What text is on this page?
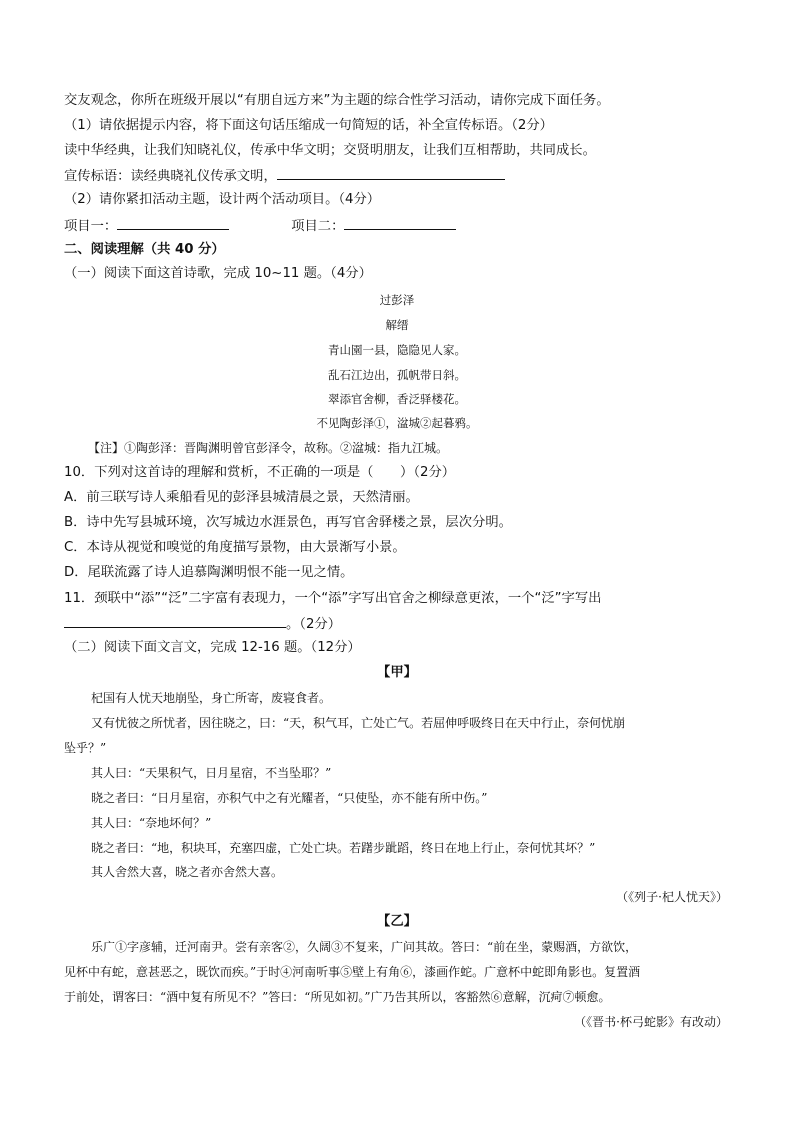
交友观念，你所在班级开展以“有朋自远方来”为主题的综合性学习活动，请你完成下面任务。
（1）请依据提示内容，将下面这句话压缩成一句简短的话，补全宣传标语。（2分）
读中华经典，让我们知晓礼仪，传承中华文明；交贤明朋友，让我们互相帮助，共同成长。
宣传标语：读经典晓礼仪传承文明，
（2）请你紧扣活动主题，设计两个活动项目。（4分）
项目一：	项目二：
二、阅读理解（共 40 分）
（一）阅读下面这首诗歌，完成 10~11 题。（4分）
过彭泽
解缙
青山園一县，隐隐见人家。
乱石江边出，孤帆带日斜。
翠添官舍柳，香泛驿楼花。
不见陶彭泽①，湓城②起暮鸦。
【注】①陶彭泽：晋陶渊明曾官彭泽令，故称。②湓城：指九江城。
10．下列对这首诗的理解和赏析，不正确的一项是（　　）（2分）
A．前三联写诗人乘船看见的彭泽县城清晨之景，天然清丽。
B．诗中先写县城环境，次写城边水涯景色，再写官舍驿楼之景，层次分明。
C．本诗从视觉和嗅觉的角度描写景物，由大景渐写小景。
D．尾联流露了诗人追慕陶渊明恨不能一见之情。
11．颈联中“添”“泛”二字富有表现力，一个“添”字写出官舍之柳绿意更浓，一个“泛”字写出
。（2分）
（二）阅读下面文言文，完成 12-16 题。（12分）
【甲】
杞国有人忧天地崩坠，身亡所寄，废寝食者。
又有忧彼之所忧者，因往晓之，曰：“天，积气耳，亡处亡气。若屈伸呼吸终日在天中行止，奈何忧崩
坠乎？”
其人曰：“天果积气，日月星宿，不当坠耶？”
晓之者曰：“日月星宿，亦积气中之有光耀者，“只使坠，亦不能有所中伤。”
其人曰：“奈地坏何？”
晓之者曰：“地，积块耳，充塞四虚，亡处亡块。若躇步跐蹈，终日在地上行止，奈何忧其坏？”
其人舍然大喜，晓之者亦舍然大喜。
（《列子·杞人忧天》）
【乙】
乐广①字彦辅，迁河南尹。尝有亲客②，久阔③不复来，广问其故。答曰：“前在坐，蒙赐酒，方欲饮，
见杯中有蛇，意甚恶之，既饮而疾。”于时④河南听事⑤壁上有角⑥，漆画作蛇。广意杯中蛇即角影也。复置酒
于前处，谓客曰：“酒中复有所见不？”答曰：“所见如初。”广乃告其所以，客豁然⑥意解，沉疴⑦顿愈。
（《晋书·杯弓蛇影》有改动）
